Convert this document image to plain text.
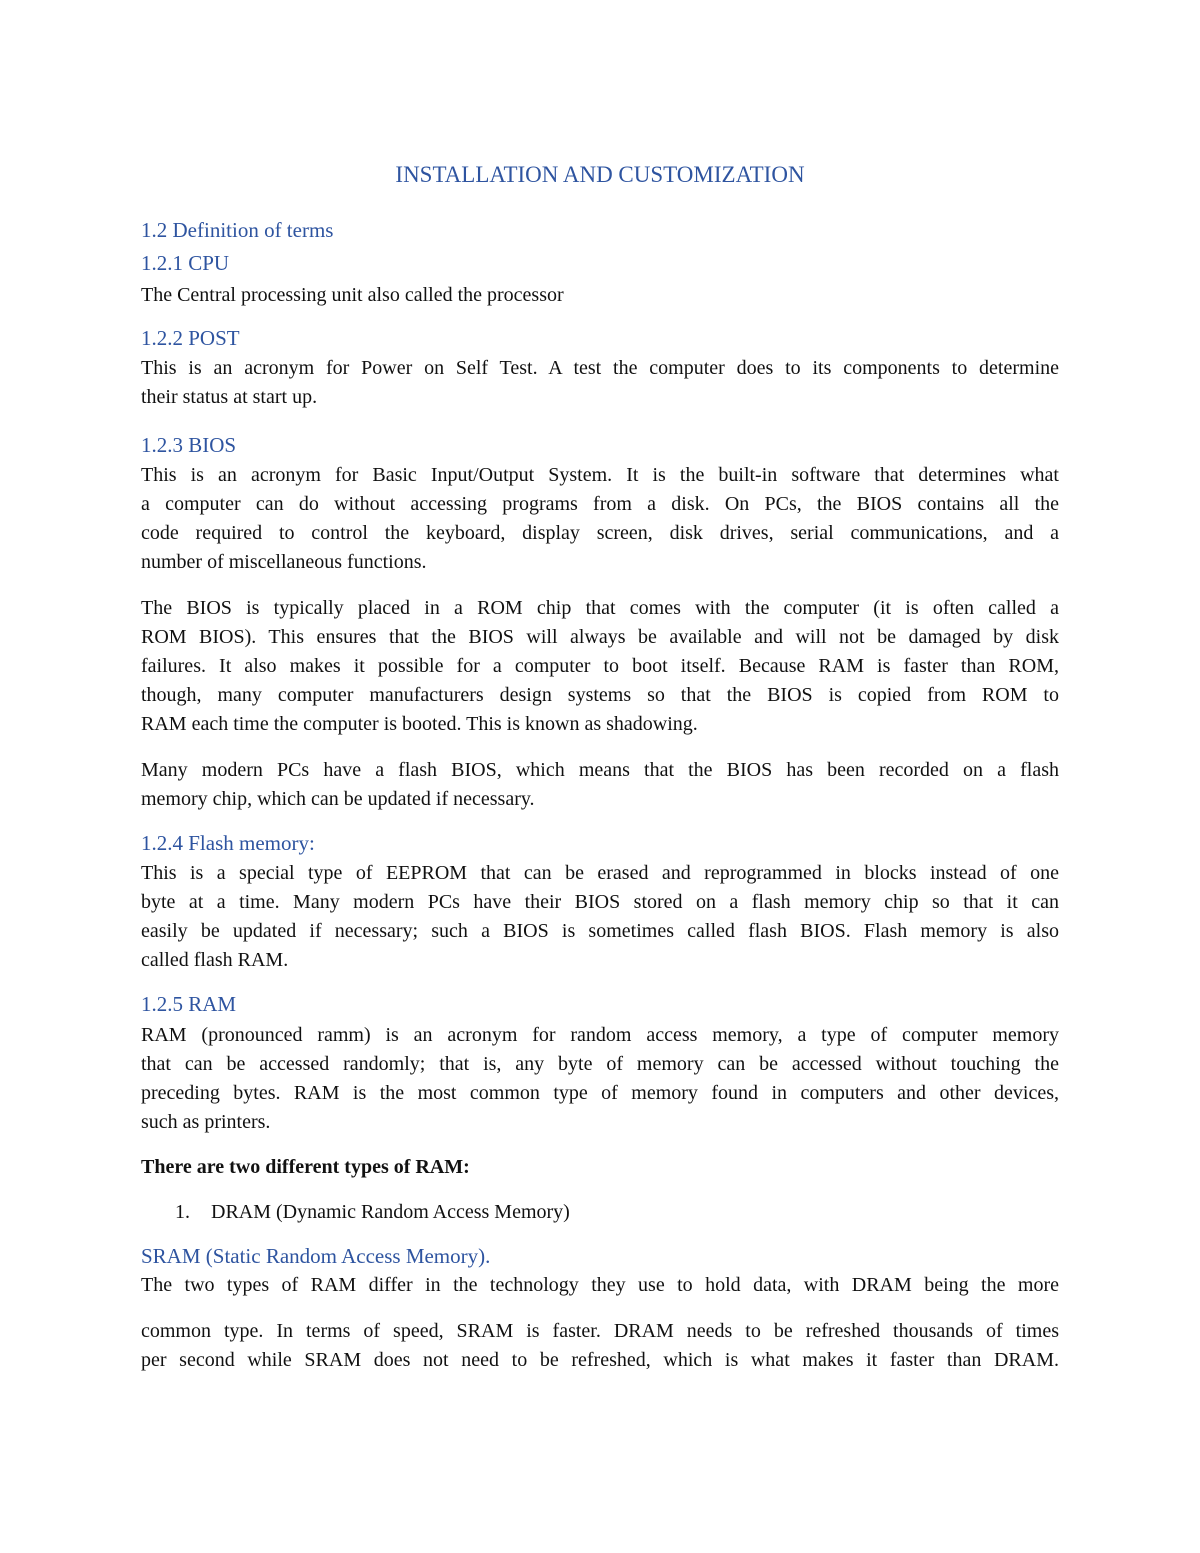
INSTALLATION AND CUSTOMIZATION
1.2 Definition of terms
1.2.1 CPU
The Central processing unit also called the processor
1.2.2 POST
This is an acronym for Power on Self Test. A test the computer does to its components to determine
their status at start up.
1.2.3 BIOS
This is an acronym for Basic Input/Output System. It is the built-in software that determines what
a computer can do without accessing programs from a disk. On PCs, the BIOS contains all the
code required to control the keyboard, display screen, disk drives, serial communications, and a
number of miscellaneous functions.
The BIOS is typically placed in a ROM chip that comes with the computer (it is often called a
ROM BIOS). This ensures that the BIOS will always be available and will not be damaged by disk
failures. It also makes it possible for a computer to boot itself. Because RAM is faster than ROM,
though, many computer manufacturers design systems so that the BIOS is copied from ROM to
RAM each time the computer is booted. This is known as shadowing.
Many modern PCs have a flash BIOS, which means that the BIOS has been recorded on a flash
memory chip, which can be updated if necessary.
1.2.4 Flash memory:
This is a special type of EEPROM that can be erased and reprogrammed in blocks instead of one
byte at a time. Many modern PCs have their BIOS stored on a flash memory chip so that it can
easily be updated if necessary; such a BIOS is sometimes called flash BIOS. Flash memory is also
called flash RAM.
1.2.5 RAM
RAM (pronounced ramm) is an acronym for random access memory, a type of computer memory
that can be accessed randomly; that is, any byte of memory can be accessed without touching the
preceding bytes. RAM is the most common type of memory found in computers and other devices,
such as printers.
There are two different types of RAM:
1. DRAM (Dynamic Random Access Memory)
SRAM (Static Random Access Memory).
The two types of RAM differ in the technology they use to hold data, with DRAM being the more
common type. In terms of speed, SRAM is faster. DRAM needs to be refreshed thousands of times
per second while SRAM does not need to be refreshed, which is what makes it faster than DRAM.
